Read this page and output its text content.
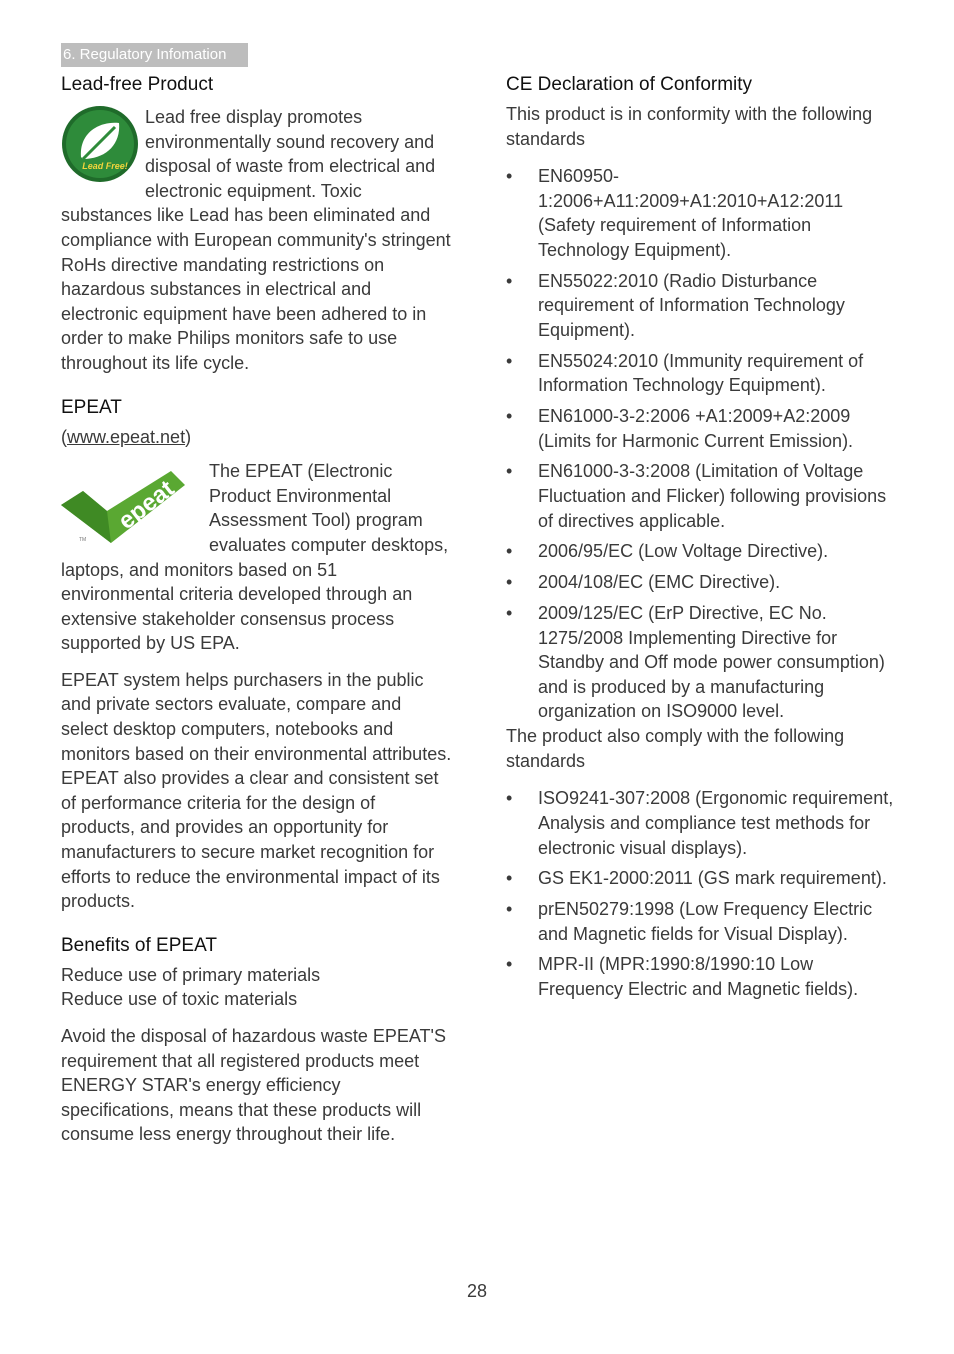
6. Regulatory Infomation
Lead-free Product
Lead Free!

Lead free display promotes environmentally sound recovery and disposal of waste from electrical and electronic equipment. Toxic substances like Lead has been eliminated and compliance with European community's stringent RoHs directive mandating restrictions on hazardous substances in electrical and electronic equipment have been adhered to in order to make Philips monitors safe to use throughout its life cycle.

EPEAT

(www.epeat.net)

epeat
TM

The EPEAT (Electronic Product Environmental Assessment Tool) program evaluates computer desktops, laptops, and monitors based on 51 environmental criteria developed through an extensive stakeholder consensus process supported by US EPA.

EPEAT system helps purchasers in the public and private sectors evaluate, compare and select desktop computers, notebooks and monitors based on their environmental attributes. EPEAT also provides a clear and consistent set of performance criteria for the design of products, and provides an opportunity for manufacturers to secure market recognition for efforts to reduce the environmental impact of its products.

Benefits of EPEAT

Reduce use of primary materials

Reduce use of toxic materials

Avoid the disposal of hazardous waste EPEAT'S requirement that all registered products meet ENERGY STAR's energy efficiency specifications, means that these products will consume less energy throughout their life.

CE Declaration of Conformity

This product is in conformity with the following standards

• EN60950-1:2006+A11:2009+A1:2010+A12:2011 (Safety requirement of Information Technology Equipment).
• EN55022:2010 (Radio Disturbance requirement of Information Technology Equipment).
• EN55024:2010 (Immunity requirement of Information Technology Equipment).
• EN61000-3-2:2006 +A1:2009+A2:2009 (Limits for Harmonic Current Emission).
• EN61000-3-3:2008 (Limitation of Voltage Fluctuation and Flicker) following provisions of directives applicable.
• 2006/95/EC (Low Voltage Directive).
• 2004/108/EC (EMC Directive).
• 2009/125/EC (ErP Directive, EC No. 1275/2008 Implementing Directive for Standby and Off mode power consumption) and is produced by a manufacturing organization on ISO9000 level.

The product also comply with the following standards

• ISO9241-307:2008 (Ergonomic requirement, Analysis and compliance test methods for electronic visual displays).
• GS EK1-2000:2011 (GS mark requirement).
• prEN50279:1998 (Low Frequency Electric and Magnetic fields for Visual Display).
• MPR-II (MPR:1990:8/1990:10 Low Frequency Electric and Magnetic fields).
28
